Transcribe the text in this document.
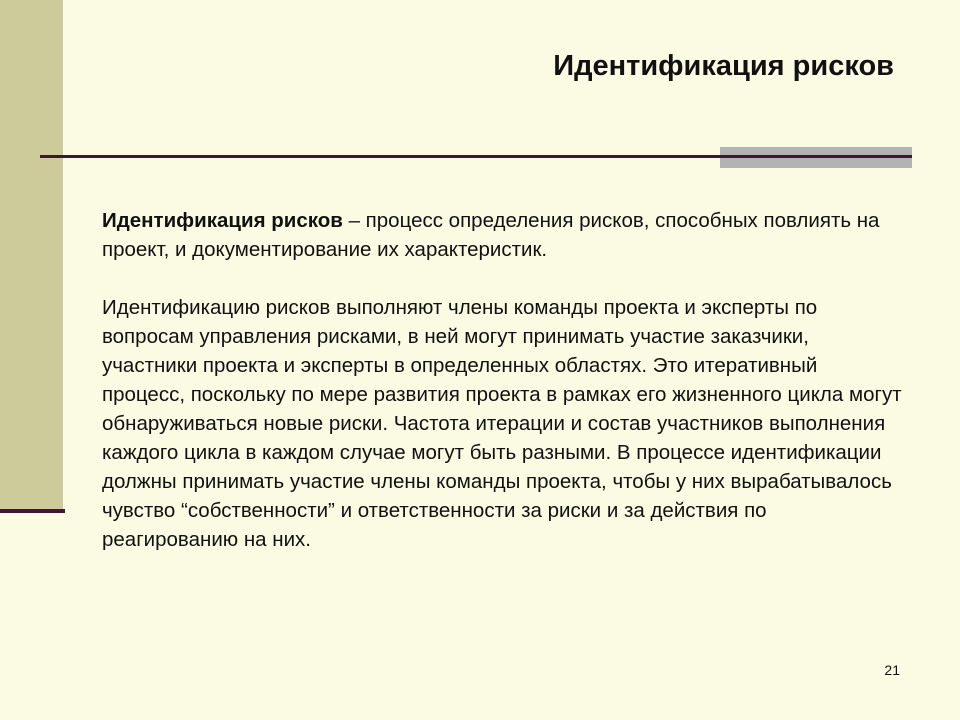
Идентификация рисков

Идентификация рисков – процесс определения рисков, способных повлиять на проект, и документирование их характеристик.

Идентификацию рисков выполняют члены команды проекта и эксперты по вопросам управления рисками, в ней могут принимать участие заказчики, участники проекта и эксперты в определенных областях. Это итеративный процесс, поскольку по мере развития проекта в рамках его жизненного цикла могут обнаруживаться новые риски. Частота итерации и состав участников выполнения каждого цикла в каждом случае могут быть разными. В процессе идентификации должны принимать участие члены команды проекта, чтобы у них вырабатывалось чувство “собственности” и ответственности за риски и за действия по реагированию на них.

21
